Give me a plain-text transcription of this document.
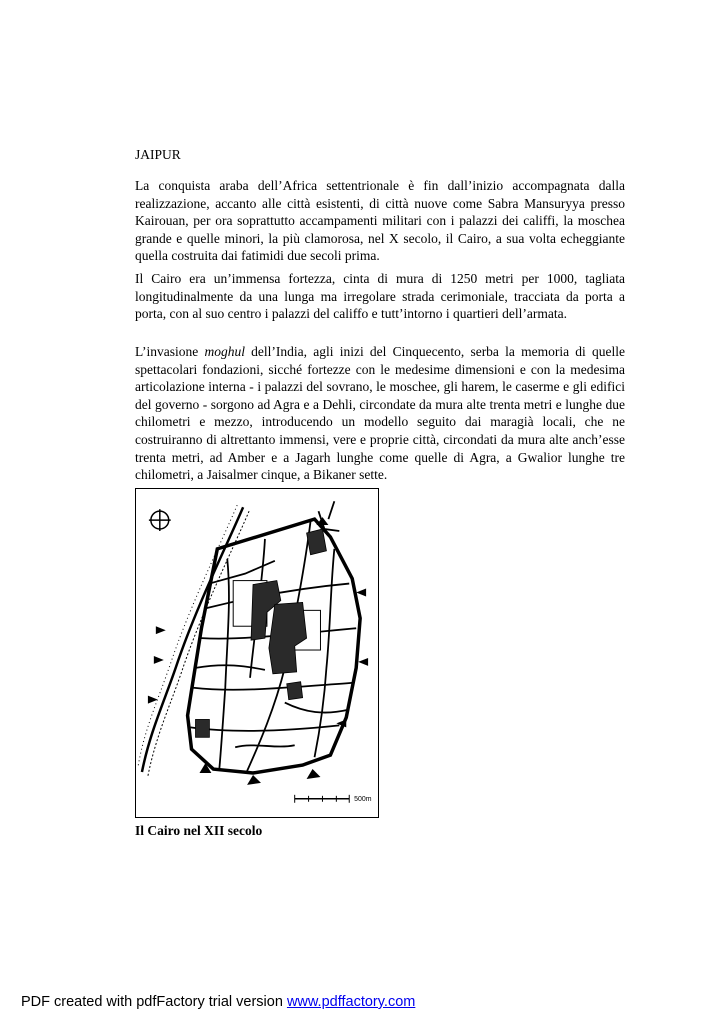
JAIPUR
La conquista araba dell’Africa settentrionale è fin dall’inizio accompagnata dalla realizzazione, accanto alle città esistenti, di città nuove come Sabra Mansuryya presso Kairouan, per ora soprattutto accampamenti militari con i palazzi dei califfi, la moschea grande e quelle minori, la più clamorosa, nel X secolo, il Cairo, a sua volta echeggiante quella costruita dai fatimidi due secoli prima.
Il Cairo era un’immensa fortezza, cinta di mura di 1250 metri per 1000, tagliata longitudinalmente da una lunga ma irregolare strada cerimoniale, tracciata da porta a porta, con al suo centro i palazzi del califfo e tutt’intorno i quartieri dell’armata.
L’invasione moghul dell’India, agli inizi del Cinquecento, serba la memoria di quelle spettacolari fondazioni, sicché fortezze con le medesime dimensioni e con la medesima articolazione interna - i palazzi del sovrano, le moschee, gli harem, le caserme e gli edifici del governo - sorgono ad Agra e a Dehli, circondate da mura alte trenta metri e lunghe due chilometri e mezzo, introducendo un modello seguito dai maragià locali, che ne costruiranno di altrettanto immensi, vere e proprie città, circondati da mura alte anch’esse trenta metri, ad Amber e a Jagarh lunghe come quelle di Agra, a Gwalior lunghe tre chilometri, a Jaisalmer cinque, a Bikaner sette.
500m
Il Cairo nel XII secolo
PDF created with pdfFactory trial version www.pdffactory.com
